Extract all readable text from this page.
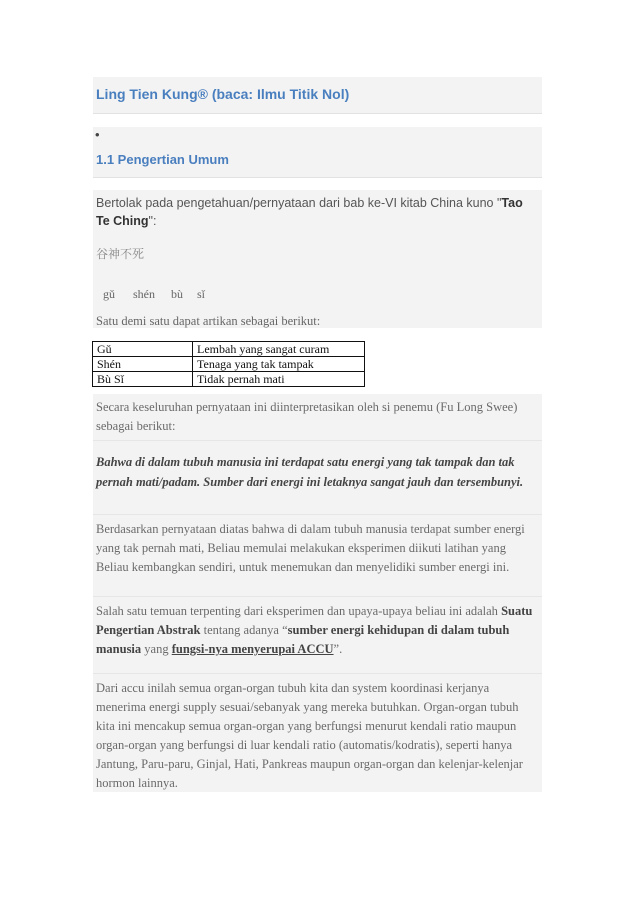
Ling Tien Kung® (baca: Ilmu Titik Nol)
•
1.1 Pengertian Umum
Bertolak pada pengetahuan/pernyataan dari bab ke-VI kitab China kuno "Tao Te Ching":
谷神不死
gǔ shén bù sǐ
Satu demi satu dapat artikan sebagai berikut:
Gǔ	Lembah yang sangat curam
Shén	Tenaga yang tak tampak
Bù Sǐ	Tidak pernah mati
Secara keseluruhan pernyataan ini diinterpretasikan oleh si penemu (Fu Long Swee) sebagai berikut:
Bahwa di dalam tubuh manusia ini terdapat satu energi yang tak tampak dan tak pernah mati/padam. Sumber dari energi ini letaknya sangat jauh dan tersembunyi.
Berdasarkan pernyataan diatas bahwa di dalam tubuh manusia terdapat sumber energi yang tak pernah mati, Beliau memulai melakukan eksperimen diikuti latihan yang Beliau kembangkan sendiri, untuk menemukan dan menyelidiki sumber energi ini.
Salah satu temuan terpenting dari eksperimen dan upaya-upaya beliau ini adalah Suatu Pengertian Abstrak tentang adanya “sumber energi kehidupan di dalam tubuh manusia yang fungsi-nya menyerupai ACCU”.
Dari accu inilah semua organ-organ tubuh kita dan system koordinasi kerjanya menerima energi supply sesuai/sebanyak yang mereka butuhkan. Organ-organ tubuh kita ini mencakup semua organ-organ yang berfungsi menurut kendali ratio maupun organ-organ yang berfungsi di luar kendali ratio (automatis/kodratis), seperti hanya Jantung, Paru-paru, Ginjal, Hati, Pankreas maupun organ-organ dan kelenjar-kelenjar hormon lainnya.
